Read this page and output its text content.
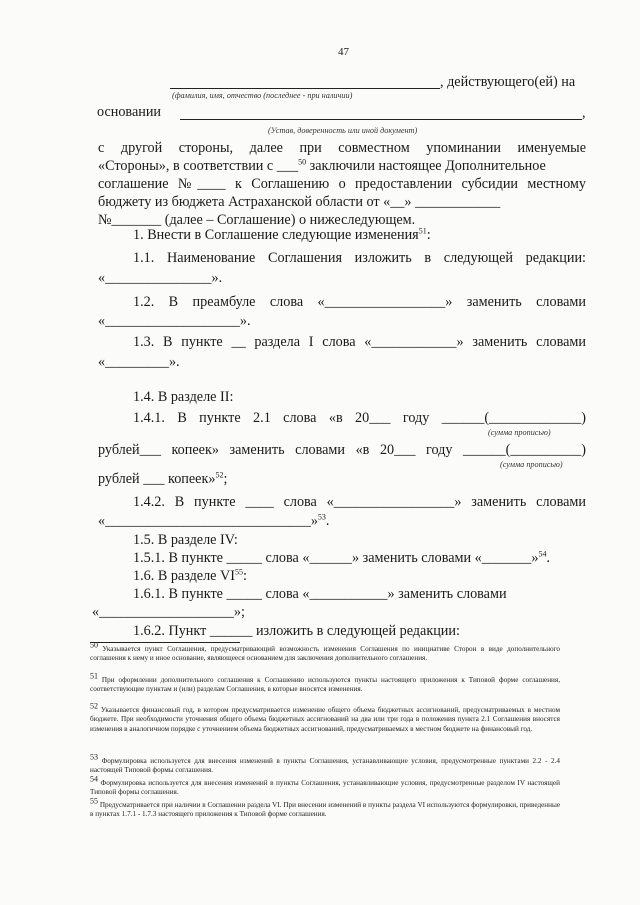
47
, действующего(ей) на
(фамилия, имя, отчество (последнее - при наличии)
основании	,
(Устав, доверенность или иной документ)
с другой стороны, далее при совместном упоминании именуемые
«Стороны», в соответствии с ___$^{50}$ заключили настоящее Дополнительное
соглашение №____ к Соглашению о предоставлении субсидии местному
бюджету из бюджета Астраханской области от «__» ____________
№_______ (далее – Соглашение) о нижеследующем.
1. Внести в Соглашение следующие изменения$^{51}$:
1.1. Наименование Соглашения изложить в следующей редакции:
«_______________».
1.2. В преамбуле слова «_________________» заменить словами
«___________________».
1.3. В пункте __ раздела I слова «____________» заменить словами
«_________».
1.4. В разделе II:
1.4.1. В пункте 2.1 слова «в 20___ году ______(_____________)
(сумма прописью)
рублей___ копеек» заменить словами «в 20___ году ______(__________)
(сумма прописью)
рублей ___ копеек»$^{52}$;
1.4.2. В пункте ____ слова «_________________» заменить словами
«_____________________________»$^{53}$.
1.5. В разделе IV:
1.5.1. В пункте _____ слова «______» заменить словами «_______»$^{54}$.
1.6. В разделе VI$^{55}$:
1.6.1. В пункте _____ слова «___________» заменить словами
«___________________»;
1.6.2. Пункт ______ изложить в следующей редакции:
$^{50}$ Указывается пункт Соглашения, предусматривающий возможность изменения Соглашения по инициативе Сторон в виде дополнительного соглашения к нему и иное основание, являющееся основанием для заключения дополнительного соглашения.
$^{51}$ При оформлении дополнительного соглашения к Соглашению используются пункты настоящего приложения к Типовой форме соглашения, соответствующие пунктам и (или) разделам Соглашения, в которые вносятся изменения.
$^{52}$ Указывается финансовый год, в котором предусматривается изменение общего объема бюджетных ассигнований, предусматриваемых в местном бюджете. При необходимости уточнения общего объема бюджетных ассигнований на два или три года в положения пункта 2.1 Соглашения вносятся изменения в аналогичном порядке с уточнением объема бюджетных ассигнований, предусматриваемых в местном бюджете на финансовый год.
$^{53}$ Формулировка используется для внесения изменений в пункты Соглашения, устанавливающие условия, предусмотренные пунктами 2.2 - 2.4 настоящей Типовой формы соглашения.
$^{54}$ Формулировка используется для внесения изменений в пункты Соглашения, устанавливающие условия, предусмотренные разделом IV настоящей Типовой формы соглашения.
$^{55}$ Предусматривается при наличии в Соглашении раздела VI. При внесении изменений в пункты раздела VI используются формулировки, приведенные в пунктах 1.7.1 - 1.7.3 настоящего приложения к Типовой форме соглашения.
